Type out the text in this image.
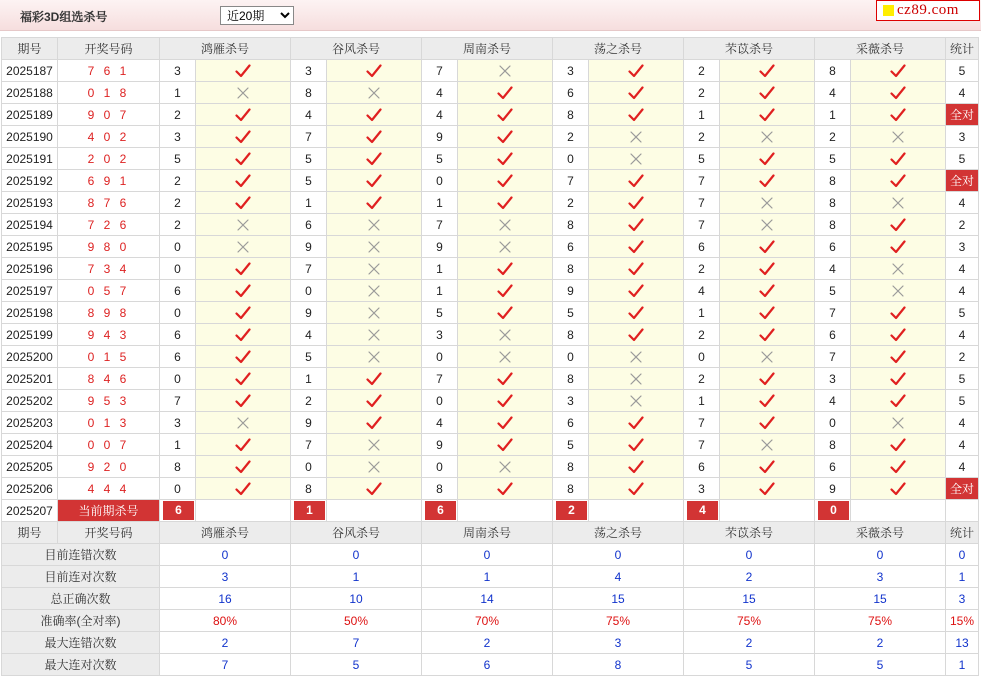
福彩3D组选杀号
近20期	cz89.com
期号	开奖号码	鸿雁杀号		谷风杀号		周南杀号		荡之杀号		芣苡杀号		采薇杀号		统计
2025187	7 6 1	3		3		7		3		2		8		5
2025188	0 1 8	1		8		4		6		2		4		4
2025189	9 0 7	2		4		4		8		1		1		全对
2025190	4 0 2	3		7		9		2		2		2		3
2025191	2 0 2	5		5		5		0		5		5		5
2025192	6 9 1	2		5		0		7		7		8		全对
2025193	8 7 6	2		1		1		2		7		8		4
2025194	7 2 6	2		6		7		8		7		8		2
2025195	9 8 0	0		9		9		6		6		6		3
2025196	7 3 4	0		7		1		8		2		4		4
2025197	0 5 7	6		0		1		9		4		5		4
2025198	8 9 8	0		9		5		5		1		7		5
2025199	9 4 3	6		4		3		8		2		6		4
2025200	0 1 5	6		5		0		0		0		7		2
2025201	8 4 6	0		1		7		8		2		3		5
2025202	9 5 3	7		2		0		3		1		4		5
2025203	0 1 3	3		9		4		6		7		0		4
2025204	0 0 7	1		7		9		5		7		8		4
2025205	9 2 0	8		0		0		8		6		6		4
2025206	4 4 4	0		8		8		8		3		9		全对
2025207	当前期杀号	6		1		6		2		4		0		
期号	开奖号码	鸿雁杀号		谷风杀号		周南杀号		荡之杀号		芣苡杀号		采薇杀号		统计
目前连错次数		0		0		0		0		0		0		0
目前连对次数		3		1		1		4		2		3		1
总正确次数		16		10		14		15		15		15		3
准确率(全对率)		80%		50%		70%		75%		75%		75%		15%
最大连错次数		2		7		2		3		2		2		13
最大连对次数		7		5		6		8		5		5		1
